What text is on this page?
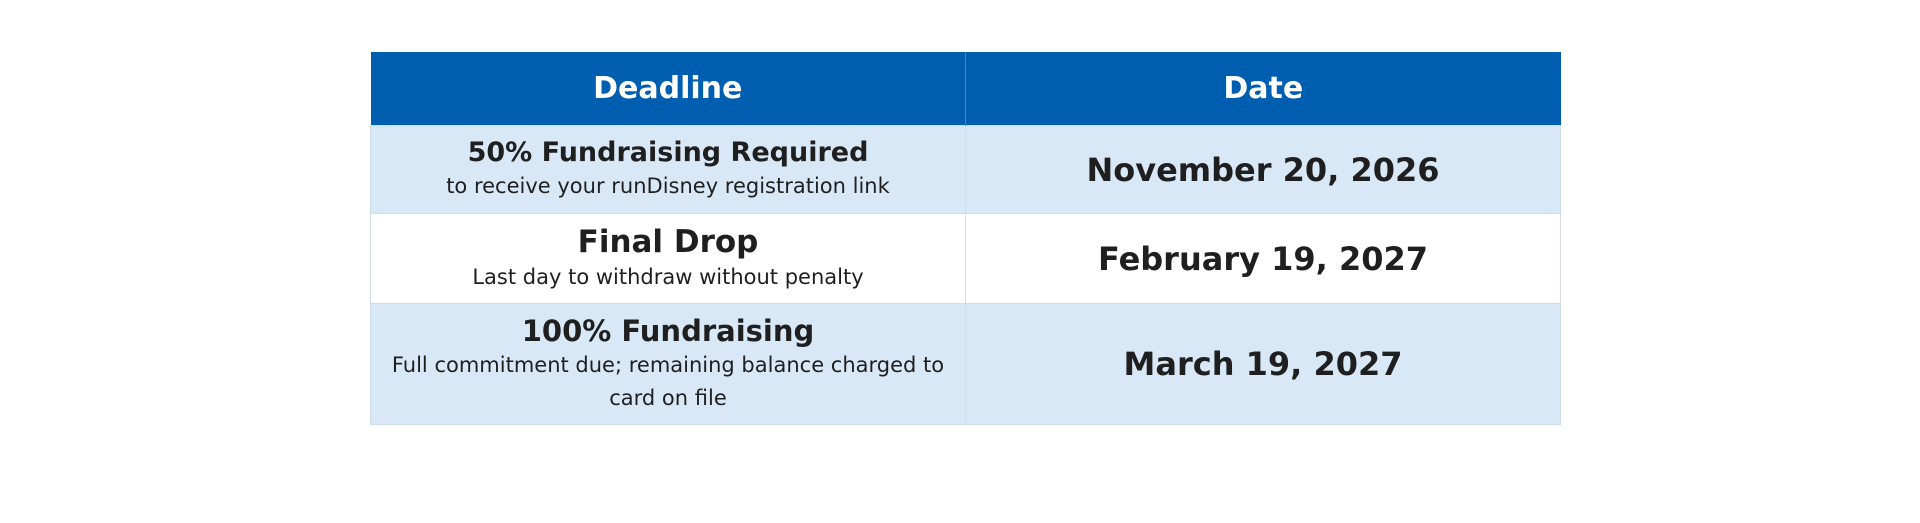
Deadline	Date

50% Fundraising Required
to receive your runDisney registration link	November 20, 2026

Final Drop
Last day to withdraw without penalty	February 19, 2027

100% Fundraising
Full commitment due; remaining balance charged to card on file	March 19, 2027
